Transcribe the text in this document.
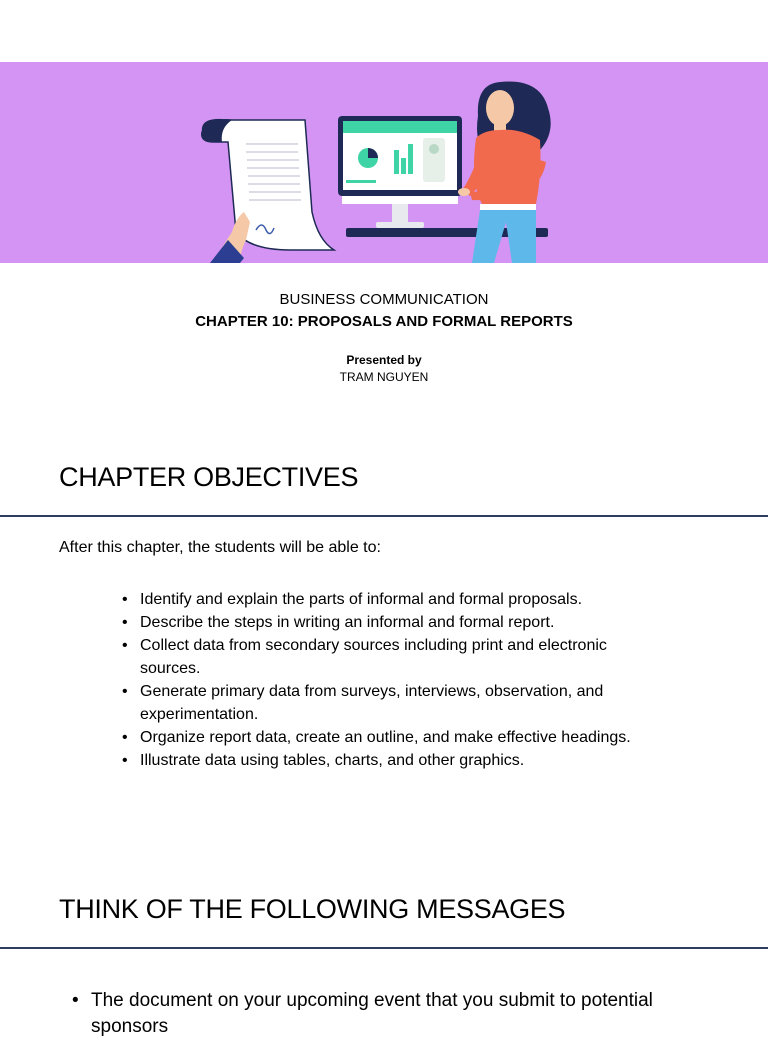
BUSINESS COMMUNICATION
CHAPTER 10: PROPOSALS AND FORMAL REPORTS
Presented by
TRAM NGUYEN
CHAPTER OBJECTIVES
After this chapter, the students will be able to:
• Identify and explain the parts of informal and formal proposals.
• Describe the steps in writing an informal and formal report.
• Collect data from secondary sources including print and electronic sources.
• Generate primary data from surveys, interviews, observation, and experimentation.
• Organize report data, create an outline, and make effective headings.
• Illustrate data using tables, charts, and other graphics.
THINK OF THE FOLLOWING MESSAGES
• The document on your upcoming event that you submit to potential sponsors
